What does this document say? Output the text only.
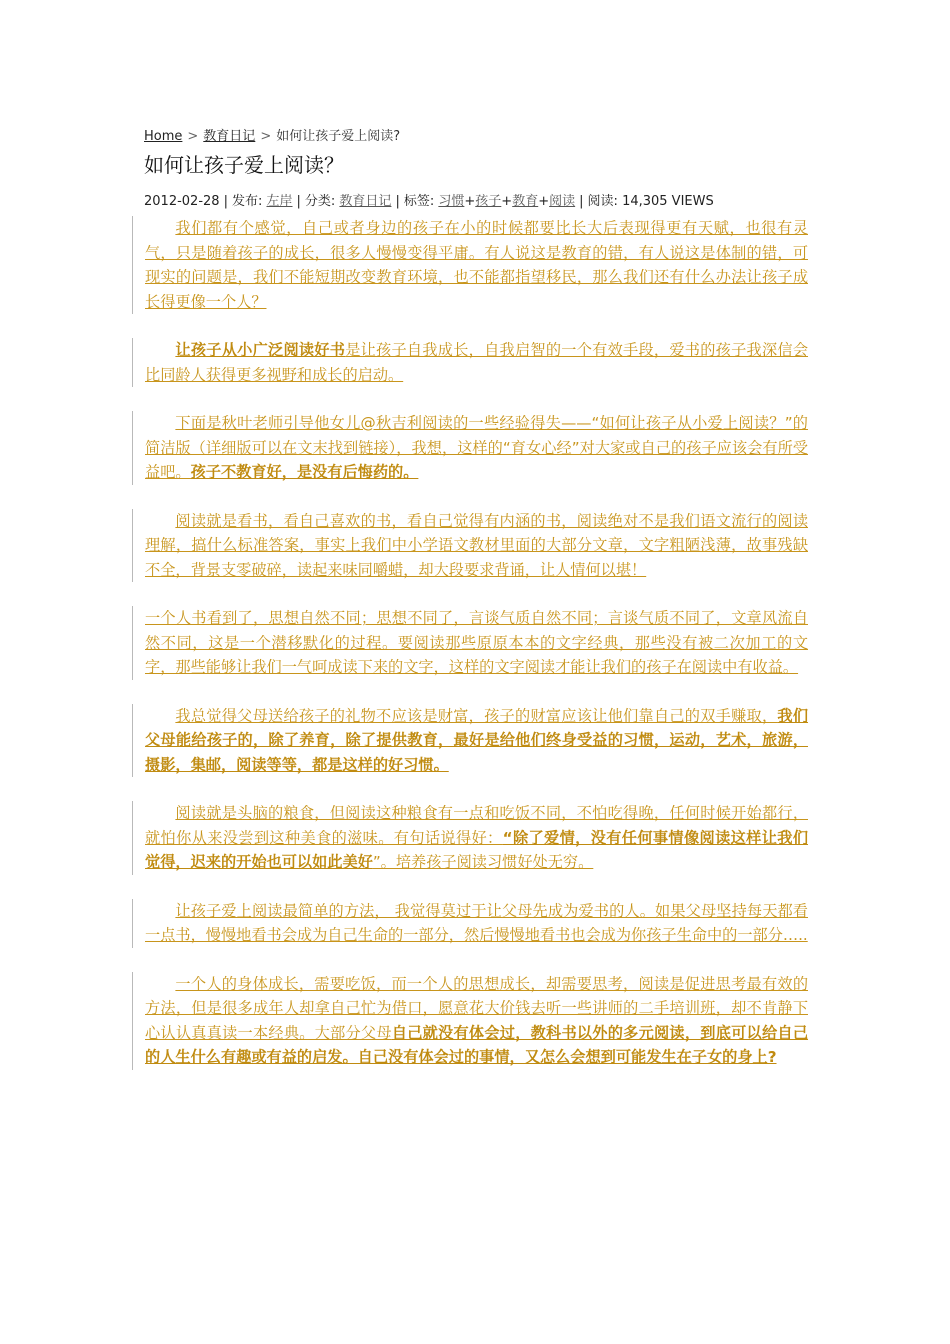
Home > 教育日记 > 如何让孩子爱上阅读?
如何让孩子爱上阅读？
2012-02-28 | 发布: 左岸 | 分类: 教育日记 | 标签: 习惯+孩子+教育+阅读 | 阅读: 14,305 VIEWS
我们都有个感觉，自己或者身边的孩子在小的时候都要比长大后表现得更有天赋，也很有灵气，只是随着孩子的成长，很多人慢慢变得平庸。有人说这是教育的错，有人说这是体制的错，可现实的问题是，我们不能短期改变教育环境，也不能都指望移民，那么我们还有什么办法让孩子成长得更像一个人？
让孩子从小广泛阅读好书是让孩子自我成长，自我启智的一个有效手段，爱书的孩子我深信会比同龄人获得更多视野和成长的启动。
下面是秋叶老师引导他女儿@秋吉利阅读的一些经验得失——“如何让孩子从小爱上阅读？”的简洁版（详细版可以在文末找到链接），我想，这样的“育女心经”对大家或自己的孩子应该会有所受益吧。孩子不教育好，是没有后悔药的。
阅读就是看书，看自己喜欢的书，看自己觉得有内涵的书，阅读绝对不是我们语文流行的阅读理解，搞什么标准答案，事实上我们中小学语文教材里面的大部分文章，文字粗陋浅薄，故事残缺不全，背景支零破碎，读起来味同嚼蜡，却大段要求背诵，让人情何以堪！
一个人书看到了，思想自然不同；思想不同了，言谈气质自然不同；言谈气质不同了，文章风流自然不同，这是一个潜移默化的过程。要阅读那些原原本本的文字经典，那些没有被二次加工的文字，那些能够让我们一气呵成读下来的文字，这样的文字阅读才能让我们的孩子在阅读中有收益。
我总觉得父母送给孩子的礼物不应该是财富，孩子的财富应该让他们靠自己的双手赚取，我们父母能给孩子的，除了养育，除了提供教育，最好是给他们终身受益的习惯，运动，艺术，旅游，摄影，集邮，阅读等等，都是这样的好习惯。
阅读就是头脑的粮食，但阅读这种粮食有一点和吃饭不同，不怕吃得晚，任何时候开始都行，就怕你从来没尝到这种美食的滋味。有句话说得好：“除了爱情，没有任何事情像阅读这样让我们觉得，迟来的开始也可以如此美好”。培养孩子阅读习惯好处无穷。
让孩子爱上阅读最简单的方法， 我觉得莫过于让父母先成为爱书的人。如果父母坚持每天都看一点书，慢慢地看书会成为自己生命的一部分，然后慢慢地看书也会成为你孩子生命中的一部分…..
一个人的身体成长，需要吃饭，而一个人的思想成长，却需要思考，阅读是促进思考最有效的方法，但是很多成年人却拿自己忙为借口，愿意花大价钱去听一些讲师的二手培训班，却不肯静下心认认真真读一本经典。大部分父母自己就没有体会过，教科书以外的多元阅读，到底可以给自己的人生什么有趣或有益的启发。自己没有体会过的事情，又怎么会想到可能发生在子女的身上?
